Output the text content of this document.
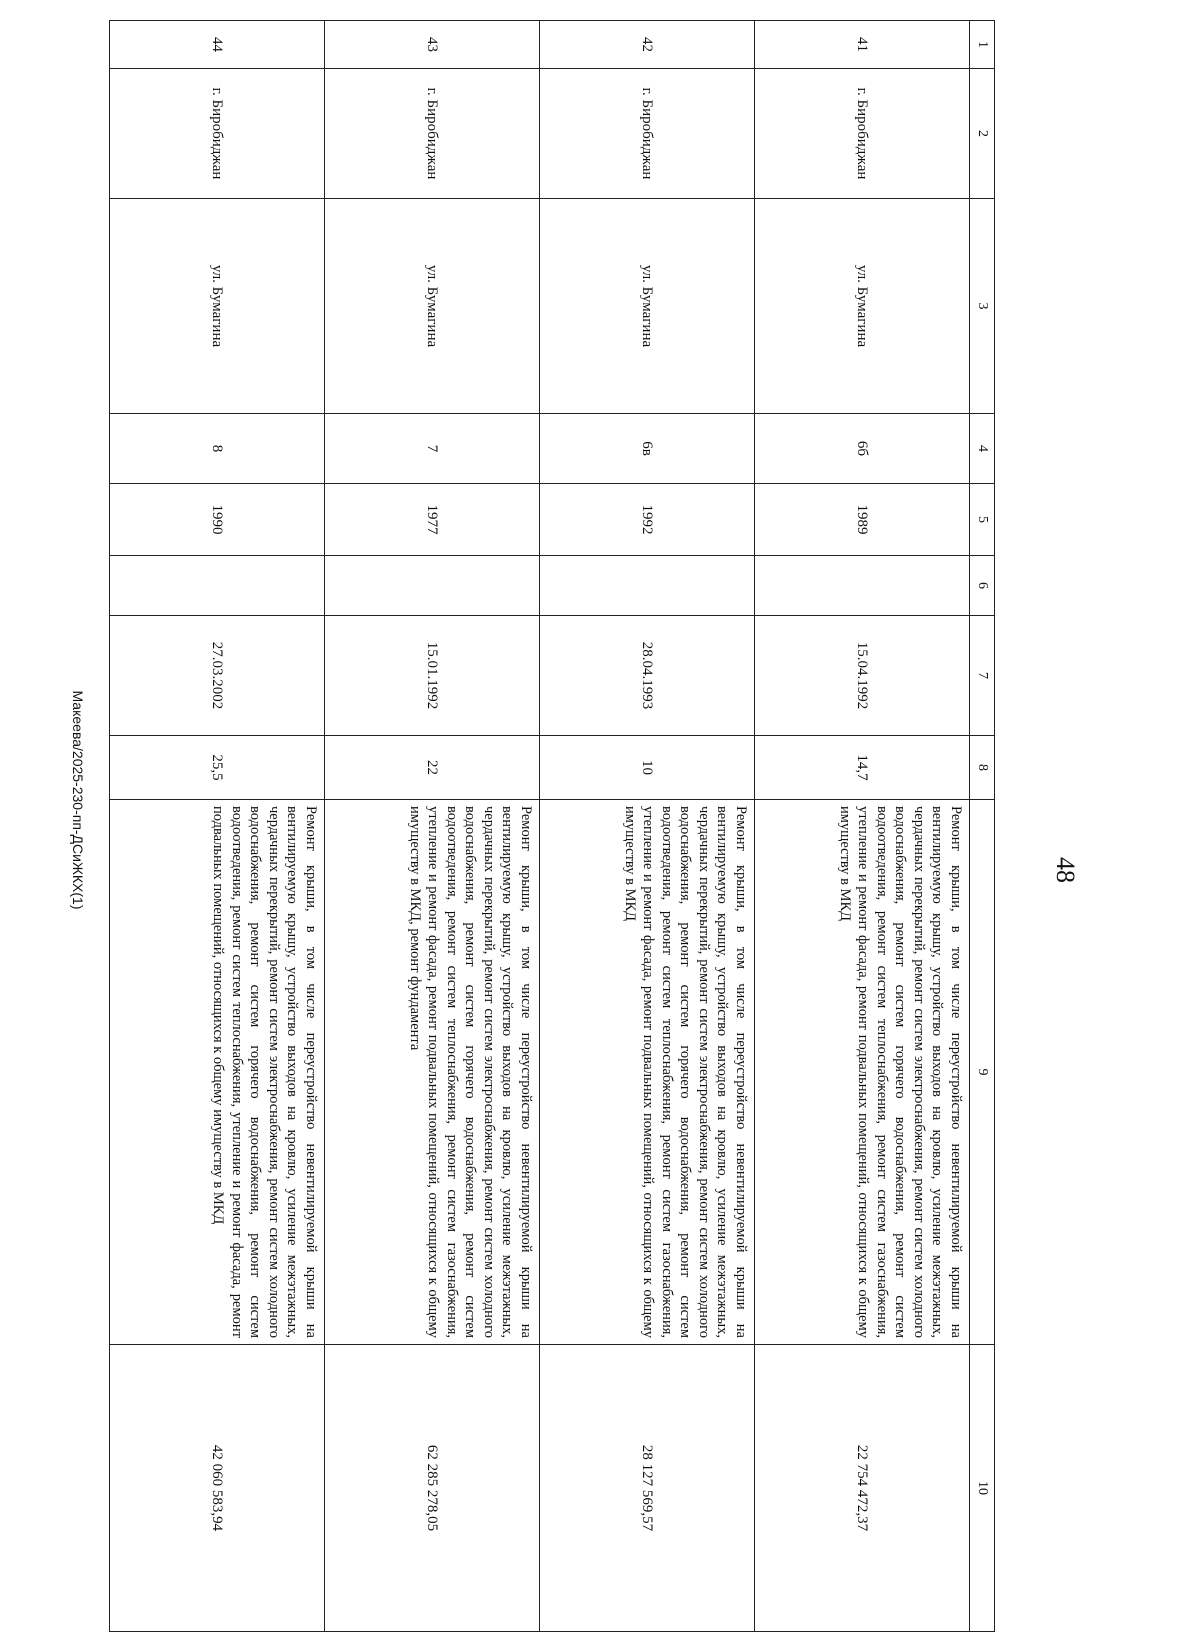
48
1	2	3	4	5	6	7	8	9	10
41	г. Биробиджан	ул. Бумагина	6б	1989		15.04.1992	14,7	Ремонт крыши, в том числе переустройство невентилируемой крыши на вентилируемую крышу, устройство выходов на кровлю, усиление межэтажных, чердачных перекрытий, ремонт систем электроснабжения, ремонт систем холодного водоснабжения, ремонт систем горячего водоснабжения, ремонт систем водоотведения, ремонт систем теплоснабжения, ремонт систем газоснабжения, утепление и ремонт фасада, ремонт подвальных помещений, относящихся к общему имуществу в МКД	22 754 472,37
42	г. Биробиджан	ул. Бумагина	6в	1992		28.04.1993	10	Ремонт крыши, в том числе переустройство невентилируемой крыши на вентилируемую крышу, устройство выходов на кровлю, усиление межэтажных, чердачных перекрытий, ремонт систем электроснабжения, ремонт систем холодного водоснабжения, ремонт систем горячего водоснабжения, ремонт систем водоотведения, ремонт систем теплоснабжения, ремонт систем газоснабжения, утепление и ремонт фасада, ремонт подвальных помещений, относящихся к общему имуществу в МКД	28 127 569,57
43	г. Биробиджан	ул. Бумагина	7	1977		15.01.1992	22	Ремонт крыши, в том числе переустройство невентилируемой крыши на вентилируемую крышу, устройство выходов на кровлю, усиление межэтажных, чердачных перекрытий, ремонт систем электроснабжения, ремонт систем холодного водоснабжения, ремонт систем горячего водоснабжения, ремонт систем водоотведения, ремонт систем теплоснабжения, ремонт систем газоснабжения, утепление и ремонт фасада, ремонт подвальных помещений, относящихся к общему имуществу в МКД, ремонт фундамента	62 285 278,05
44	г. Биробиджан	ул. Бумагина	8	1990		27.03.2002	25,5	Ремонт крыши, в том числе переустройство невентилируемой крыши на вентилируемую крышу, устройство выходов на кровлю, усиление межэтажных, чердачных перекрытий, ремонт систем электроснабжения, ремонт систем холодного водоснабжения, ремонт систем горячего водоснабжения, ремонт систем водоотведения, ремонт систем теплоснабжения, утепление и ремонт фасада, ремонт подвальных помещений, относящихся к общему имуществу в МКД	42 060 583,94
Макеева/2025-230-пп-ДСиЖКХ(1)
